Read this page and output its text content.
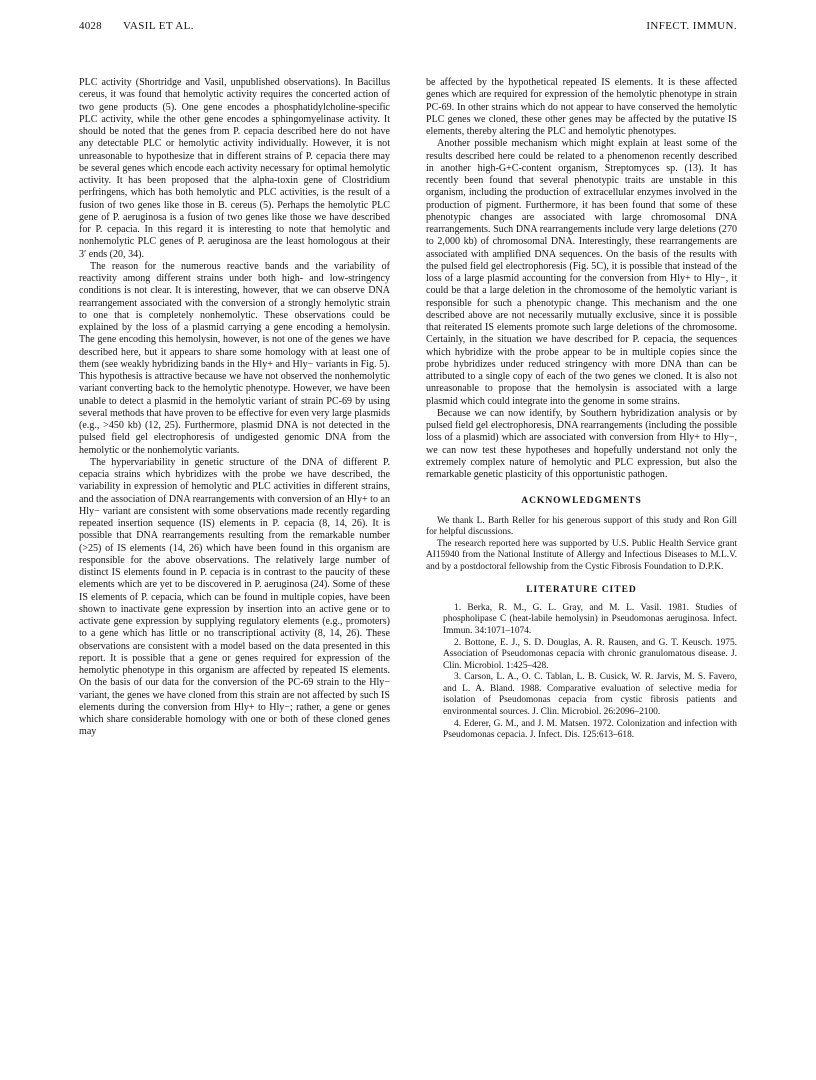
4028 VASIL ET AL.	INFECT. IMMUN.

PLC activity (Shortridge and Vasil, unpublished observations). In Bacillus cereus, it was found that hemolytic activity requires the concerted action of two gene products (5). One gene encodes a phosphatidylcholine-specific PLC activity, while the other gene encodes a sphingomyelinase activity. It should be noted that the genes from P. cepacia described here do not have any detectable PLC or hemolytic activity individually. However, it is not unreasonable to hypothesize that in different strains of P. cepacia there may be several genes which encode each activity necessary for optimal hemolytic activity. It has been proposed that the alpha-toxin gene of Clostridium perfringens, which has both hemolytic and PLC activities, is the result of a fusion of two genes like those in B. cereus (5). Perhaps the hemolytic PLC gene of P. aeruginosa is a fusion of two genes like those we have described for P. cepacia. In this regard it is interesting to note that hemolytic and nonhemolytic PLC genes of P. aeruginosa are the least homologous at their 3′ ends (20, 34).

The reason for the numerous reactive bands and the variability of reactivity among different strains under both high- and low-stringency conditions is not clear. It is interesting, however, that we can observe DNA rearrangement associated with the conversion of a strongly hemolytic strain to one that is completely nonhemolytic. These observations could be explained by the loss of a plasmid carrying a gene encoding a hemolysin. The gene encoding this hemolysin, however, is not one of the genes we have described here, but it appears to share some homology with at least one of them (see weakly hybridizing bands in the Hly+ and Hly− variants in Fig. 5). This hypothesis is attractive because we have not observed the nonhemolytic variant converting back to the hemolytic phenotype. However, we have been unable to detect a plasmid in the hemolytic variant of strain PC-69 by using several methods that have proven to be effective for even very large plasmids (e.g., >450 kb) (12, 25). Furthermore, plasmid DNA is not detected in the pulsed field gel electrophoresis of undigested genomic DNA from the hemolytic or the nonhemolytic variants.

The hypervariability in genetic structure of the DNA of different P. cepacia strains which hybridizes with the probe we have described, the variability in expression of hemolytic and PLC activities in different strains, and the association of DNA rearrangements with conversion of an Hly+ to an Hly− variant are consistent with some observations made recently regarding repeated insertion sequence (IS) elements in P. cepacia (8, 14, 26). It is possible that DNA rearrangements resulting from the remarkable number (>25) of IS elements (14, 26) which have been found in this organism are responsible for the above observations. The relatively large number of distinct IS elements found in P. cepacia is in contrast to the paucity of these elements which are yet to be discovered in P. aeruginosa (24). Some of these IS elements of P. cepacia, which can be found in multiple copies, have been shown to inactivate gene expression by insertion into an active gene or to activate gene expression by supplying regulatory elements (e.g., promoters) to a gene which has little or no transcriptional activity (8, 14, 26). These observations are consistent with a model based on the data presented in this report. It is possible that a gene or genes required for expression of the hemolytic phenotype in this organism are affected by repeated IS elements. On the basis of our data for the conversion of the PC-69 strain to the Hly− variant, the genes we have cloned from this strain are not affected by such IS elements during the conversion from Hly+ to Hly−; rather, a gene or genes which share considerable homology with one or both of these cloned genes may

be affected by the hypothetical repeated IS elements. It is these affected genes which are required for expression of the hemolytic phenotype in strain PC-69. In other strains which do not appear to have conserved the hemolytic PLC genes we cloned, these other genes may be affected by the putative IS elements, thereby altering the PLC and hemolytic phenotypes.

Another possible mechanism which might explain at least some of the results described here could be related to a phenomenon recently described in another high-G+C-content organism, Streptomyces sp. (13). It has recently been found that several phenotypic traits are unstable in this organism, including the production of extracellular enzymes involved in the production of pigment. Furthermore, it has been found that some of these phenotypic changes are associated with large chromosomal DNA rearrangements. Such DNA rearrangements include very large deletions (270 to 2,000 kb) of chromosomal DNA. Interestingly, these rearrangements are associated with amplified DNA sequences. On the basis of the results with the pulsed field gel electrophoresis (Fig. 5C), it is possible that instead of the loss of a large plasmid accounting for the conversion from Hly+ to Hly−, it could be that a large deletion in the chromosome of the hemolytic variant is responsible for such a phenotypic change. This mechanism and the one described above are not necessarily mutually exclusive, since it is possible that reiterated IS elements promote such large deletions of the chromosome. Certainly, in the situation we have described for P. cepacia, the sequences which hybridize with the probe appear to be in multiple copies since the probe hybridizes under reduced stringency with more DNA than can be attributed to a single copy of each of the two genes we cloned. It is also not unreasonable to propose that the hemolysin is associated with a large plasmid which could integrate into the genome in some strains.

Because we can now identify, by Southern hybridization analysis or by pulsed field gel electrophoresis, DNA rearrangements (including the possible loss of a plasmid) which are associated with conversion from Hly+ to Hly−, we can now test these hypotheses and hopefully understand not only the extremely complex nature of hemolytic and PLC expression, but also the remarkable genetic plasticity of this opportunistic pathogen.

ACKNOWLEDGMENTS

We thank L. Barth Reller for his generous support of this study and Ron Gill for helpful discussions.

The research reported here was supported by U.S. Public Health Service grant AI15940 from the National Institute of Allergy and Infectious Diseases to M.L.V. and by a postdoctoral fellowship from the Cystic Fibrosis Foundation to D.P.K.

LITERATURE CITED

1. Berka, R. M., G. L. Gray, and M. L. Vasil. 1981. Studies of phospholipase C (heat-labile hemolysin) in Pseudomonas aeruginosa. Infect. Immun. 34:1071–1074.

2. Bottone, E. J., S. D. Douglas, A. R. Rausen, and G. T. Keusch. 1975. Association of Pseudomonas cepacia with chronic granulomatous disease. J. Clin. Microbiol. 1:425–428.

3. Carson, L. A., O. C. Tablan, L. B. Cusick, W. R. Jarvis, M. S. Favero, and L. A. Bland. 1988. Comparative evaluation of selective media for isolation of Pseudomonas cepacia from cystic fibrosis patients and environmental sources. J. Clin. Microbiol. 26:2096–2100.

4. Ederer, G. M., and J. M. Matsen. 1972. Colonization and infection with Pseudomonas cepacia. J. Infect. Dis. 125:613–618.
